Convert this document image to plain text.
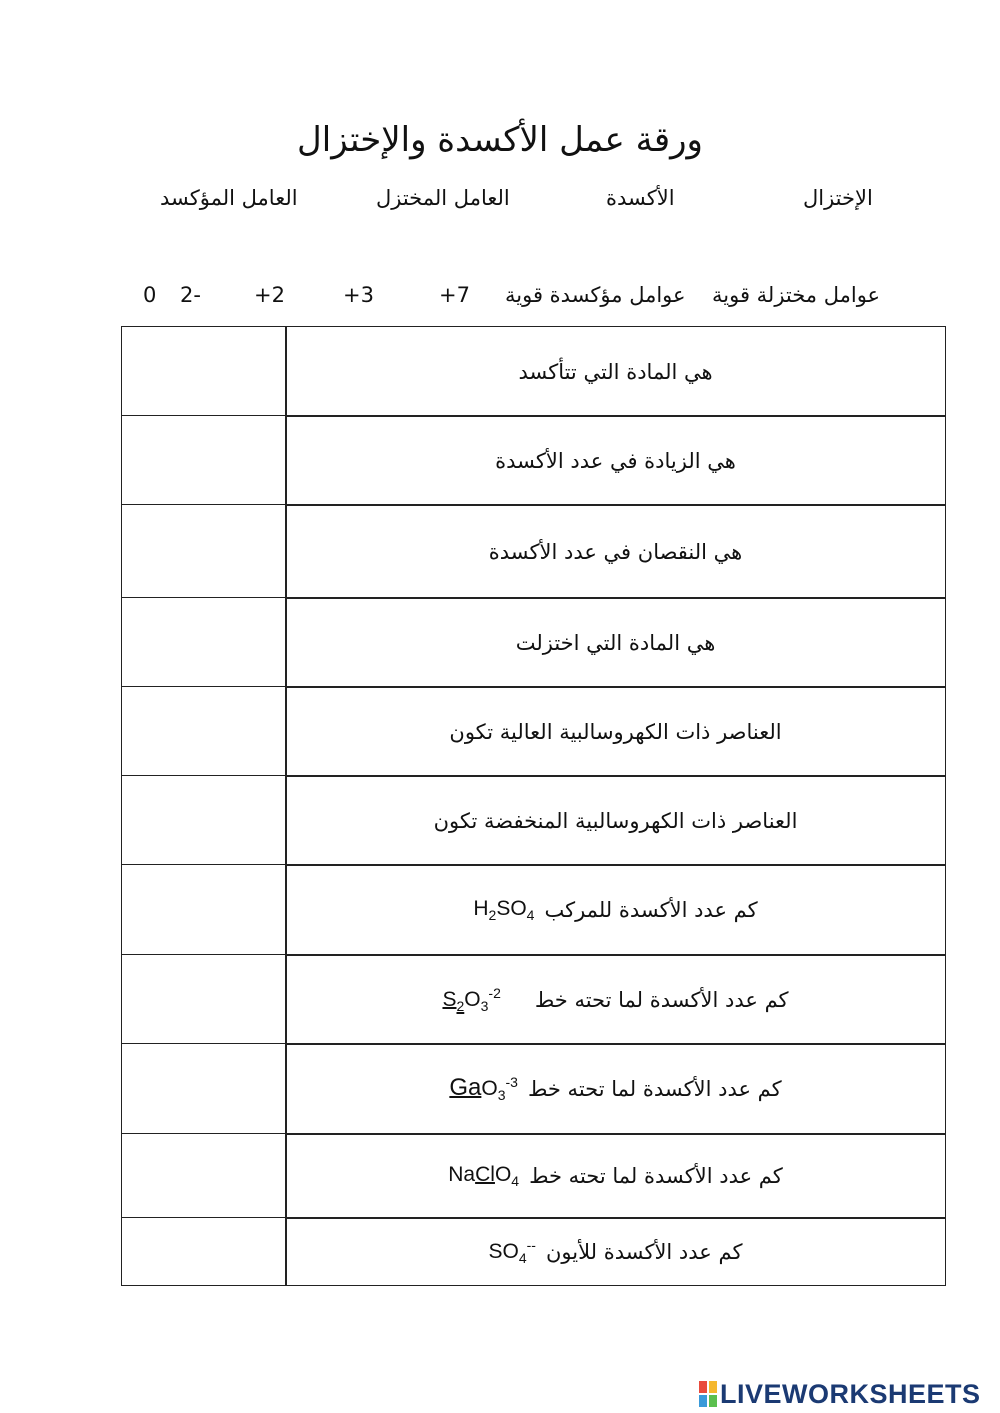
ورقة عمل الأكسدة والإختزال
الإختزال
الأكسدة
العامل المختزل
العامل المؤكسد
عوامل مختزلة قوية
عوامل مؤكسدة قوية
+7
+3
+2
-2
0
هي المادة التي تتأكسد
هي الزيادة في عدد الأكسدة
هي النقصان في عدد الأكسدة
هي المادة التي اختزلت
العناصر ذات الكهروسالبية العالية تكون
العناصر ذات الكهروسالبية المنخفضة تكون
كم عدد الأكسدة للمركب
$H_2SO_4$
كم عدد الأكسدة لما تحته خط
$S_2O_3^{-2}$
كم عدد الأكسدة لما تحته خط
GaO$_3^{-3}$
كم عدد الأكسدة لما تحته خط
NaClO$_4$
كم عدد الأكسدة للأيون
$SO_4^{--}$
LIVEWORKSHEETS
